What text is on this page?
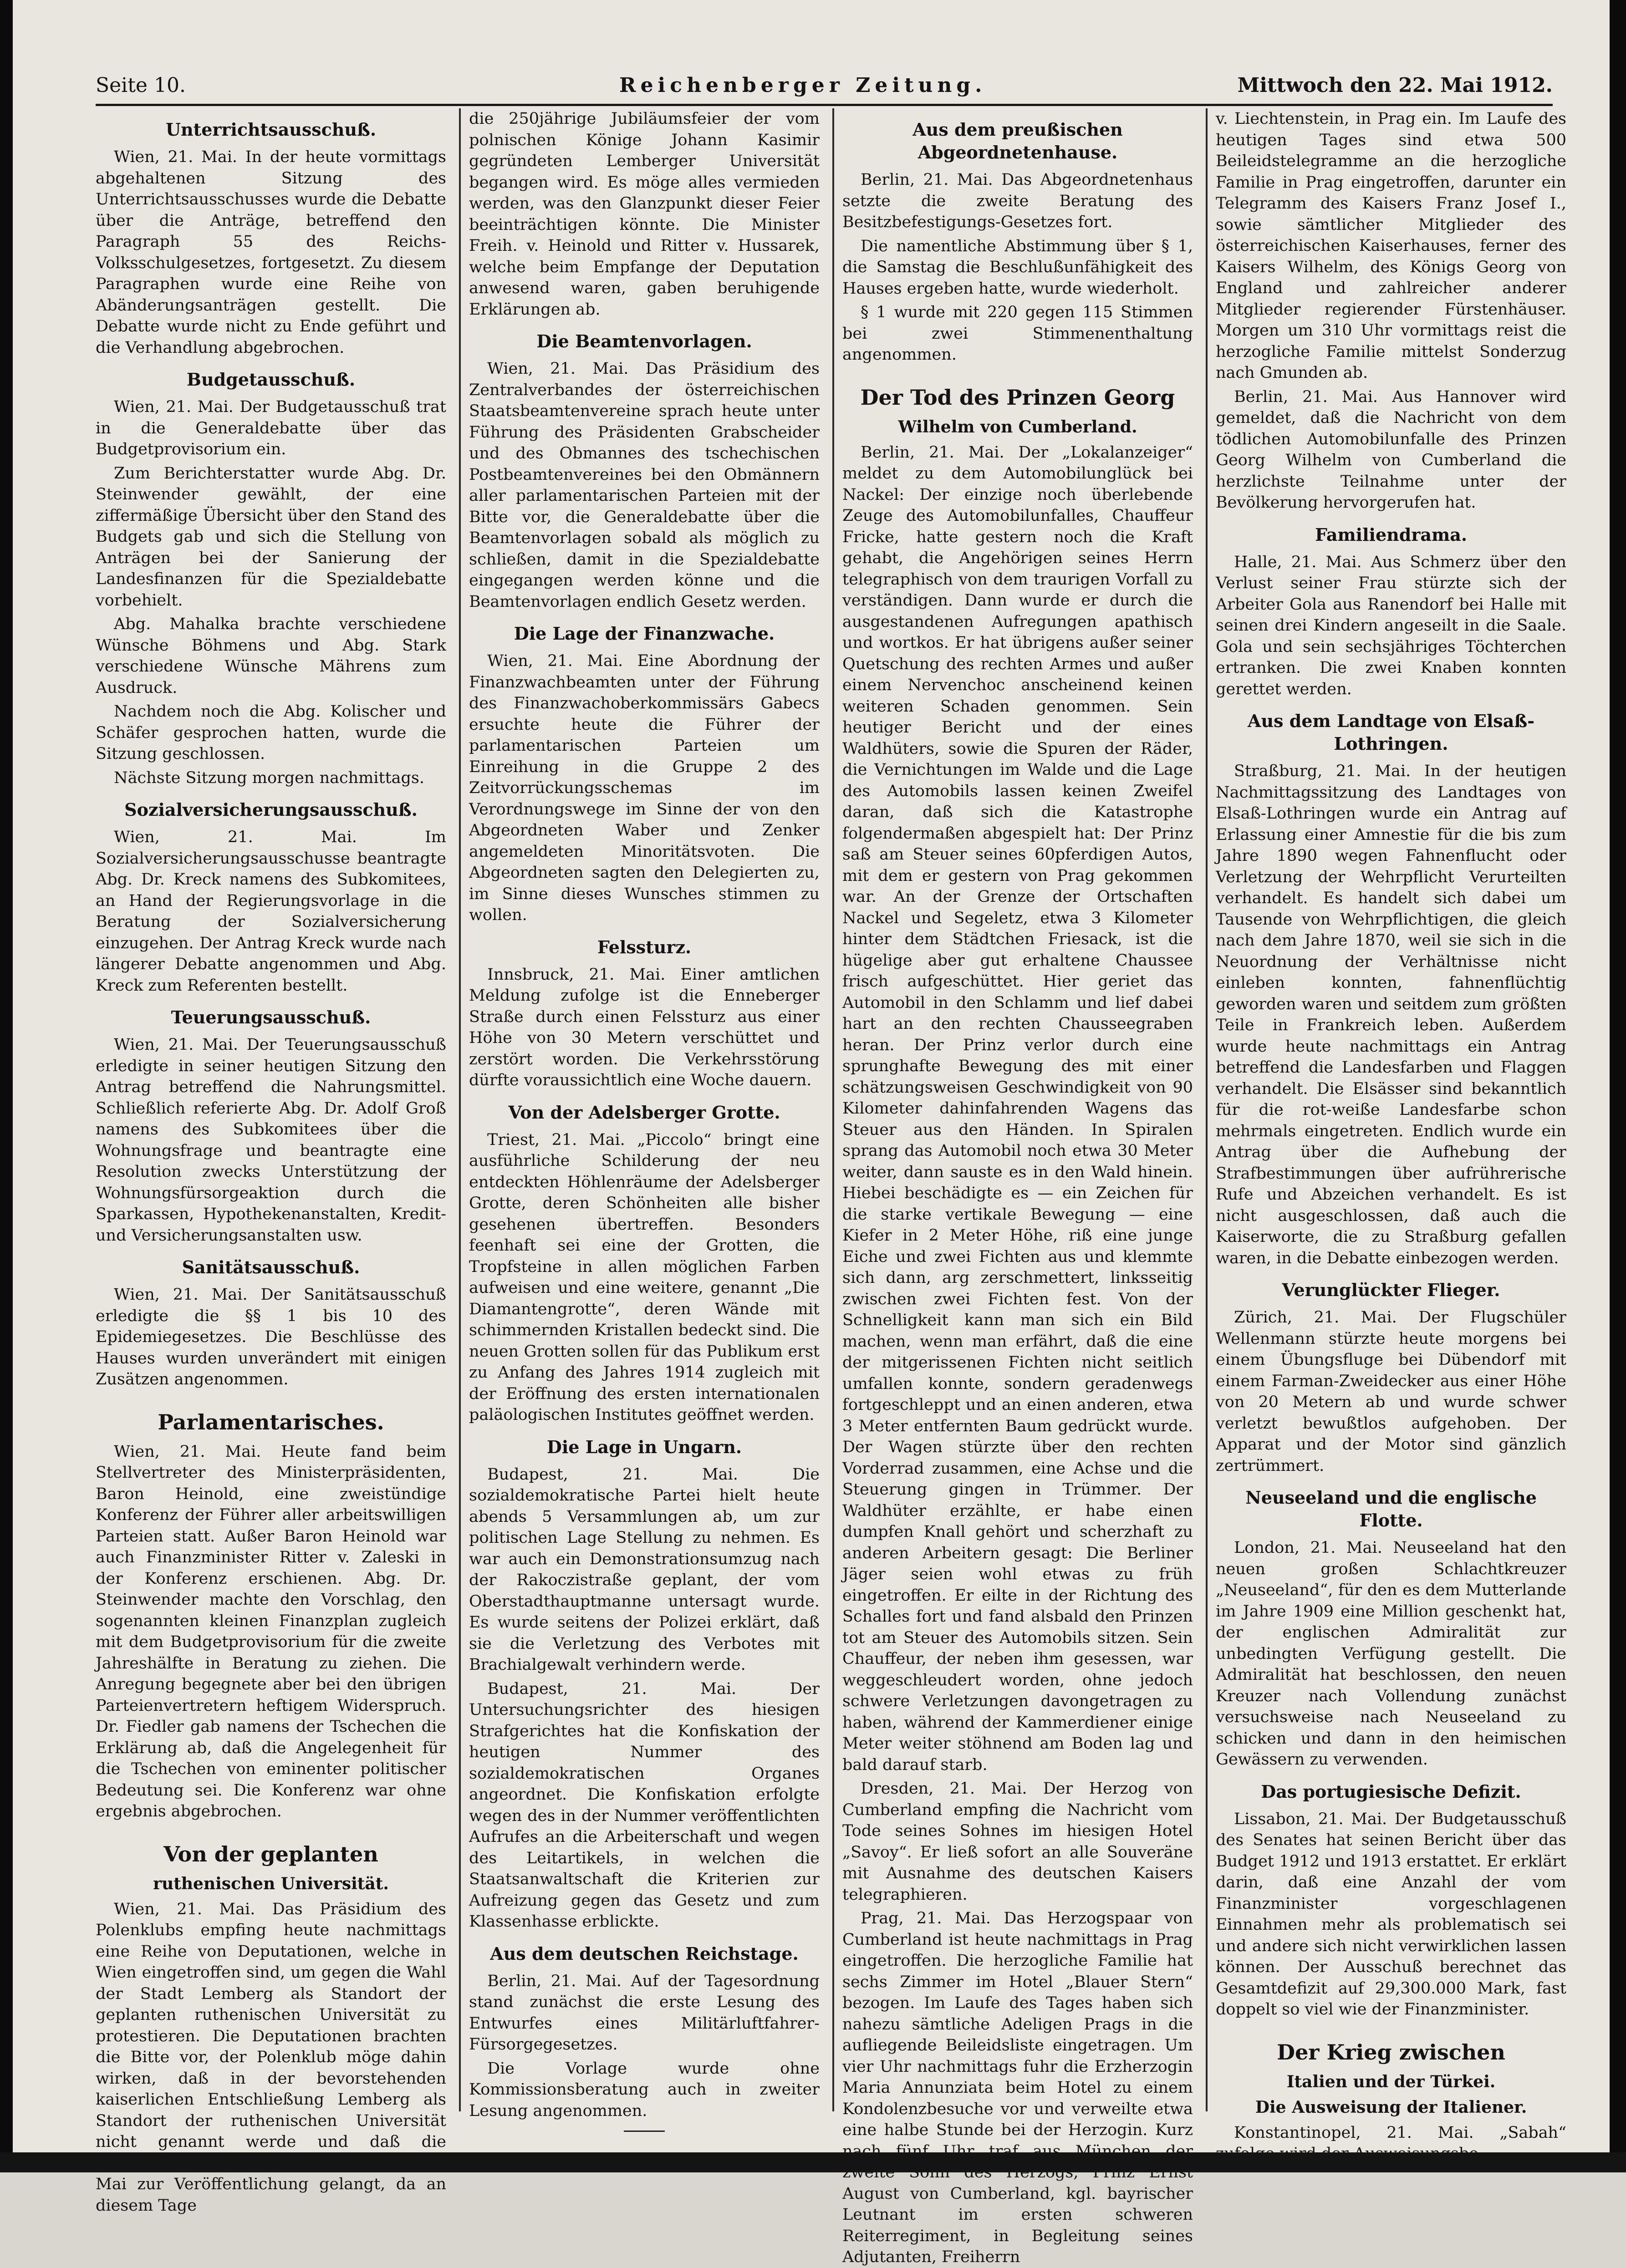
Seite 10.	Reichenberger Zeitung.	Mittwoch den 22. Mai 1912.
Unterrichtsausschuß.

Wien, 21. Mai. In der heute vormittags abgehaltenen Sitzung des Unterrichtsausschusses wurde die Debatte über die Anträge, betreffend den Paragraph 55 des Reichs-Volksschulgesetzes, fortgesetzt. Zu diesem Paragraphen wurde eine Reihe von Abänderungsanträgen gestellt. Die Debatte wurde nicht zu Ende geführt und die Verhandlung abgebrochen.

Budgetausschuß.

Wien, 21. Mai. Der Budgetausschuß trat in die Generaldebatte über das Budgetprovisorium ein.

Zum Berichterstatter wurde Abg. Dr. Steinwender gewählt, der eine ziffermäßige Übersicht über den Stand des Budgets gab und sich die Stellung von Anträgen bei der Sanierung der Landesfinanzen für die Spezialdebatte vorbehielt.

Abg. Mahalka brachte verschiedene Wünsche Böhmens und Abg. Stark verschiedene Wünsche Mährens zum Ausdruck.

Nachdem noch die Abg. Kolischer und Schäfer gesprochen hatten, wurde die Sitzung geschlossen.

Nächste Sitzung morgen nachmittags.

Sozialversicherungsausschuß.

Wien, 21. Mai. Im Sozialversicherungsausschusse beantragte Abg. Dr. Kreck namens des Subkomitees, an Hand der Regierungsvorlage in die Beratung der Sozialversicherung einzugehen. Der Antrag Kreck wurde nach längerer Debatte angenommen und Abg. Kreck zum Referenten bestellt.

Teuerungsausschuß.

Wien, 21. Mai. Der Teuerungsausschuß erledigte in seiner heutigen Sitzung den Antrag betreffend die Nahrungsmittel. Schließlich referierte Abg. Dr. Adolf Groß namens des Subkomitees über die Wohnungsfrage und beantragte eine Resolution zwecks Unterstützung der Wohnungsfürsorgeaktion durch die Sparkassen, Hypothekenanstalten, Kredit- und Versicherungsanstalten usw.

Sanitätsausschuß.

Wien, 21. Mai. Der Sanitätsausschuß erledigte die §§ 1 bis 10 des Epidemiegesetzes. Die Beschlüsse des Hauses wurden unverändert mit einigen Zusätzen angenommen.

Parlamentarisches.

Wien, 21. Mai. Heute fand beim Stellvertreter des Ministerpräsidenten, Baron Heinold, eine zweistündige Konferenz der Führer aller arbeitswilligen Parteien statt. Außer Baron Heinold war auch Finanzminister Ritter v. Zaleski in der Konferenz erschienen. Abg. Dr. Steinwender machte den Vorschlag, den sogenannten kleinen Finanzplan zugleich mit dem Budgetprovisorium für die zweite Jahreshälfte in Beratung zu ziehen. Die Anregung begegnete aber bei den übrigen Parteienvertretern heftigem Widerspruch. Dr. Fiedler gab namens der Tschechen die Erklärung ab, daß die Angelegenheit für die Tschechen von eminenter politischer Bedeutung sei. Die Konferenz war ohne ergebnis abgebrochen.

Von der geplanten
ruthenischen Universität.

Wien, 21. Mai. Das Präsidium des Polenklubs empfing heute nachmittags eine Reihe von Deputationen, welche in Wien eingetroffen sind, um gegen die Wahl der Stadt Lemberg als Standort der geplanten ruthenischen Universität zu protestieren. Die Deputationen brachten die Bitte vor, der Polenklub möge dahin wirken, daß in der bevorstehenden kaiserlichen Entschließung Lemberg als Standort der ruthenischen Universität nicht genannt werde und daß die kaiserliche Verordnung nicht vor dem 29. Mai zur Veröffentlichung gelangt, da an diesem Tage

die 250jährige Jubiläumsfeier der vom polnischen Könige Johann Kasimir gegründeten Lemberger Universität begangen wird. Es möge alles vermieden werden, was den Glanzpunkt dieser Feier beeinträchtigen könnte. Die Minister Freih. v. Heinold und Ritter v. Hussarek, welche beim Empfange der Deputation anwesend waren, gaben beruhigende Erklärungen ab.

Die Beamtenvorlagen.

Wien, 21. Mai. Das Präsidium des Zentralverbandes der österreichischen Staatsbeamtenvereine sprach heute unter Führung des Präsidenten Grabscheider und des Obmannes des tschechischen Postbeamtenvereines bei den Obmännern aller parlamentarischen Parteien mit der Bitte vor, die Generaldebatte über die Beamtenvorlagen sobald als möglich zu schließen, damit in die Spezialdebatte eingegangen werden könne und die Beamtenvorlagen endlich Gesetz werden.

Die Lage der Finanzwache.

Wien, 21. Mai. Eine Abordnung der Finanzwachbeamten unter der Führung des Finanzwachoberkommissärs Gabecs ersuchte heute die Führer der parlamentarischen Parteien um Einreihung in die Gruppe 2 des Zeitvorrückungsschemas im Verordnungswege im Sinne der von den Abgeordneten Waber und Zenker angemeldeten Minoritätsvoten. Die Abgeordneten sagten den Delegierten zu, im Sinne dieses Wunsches stimmen zu wollen.

Felssturz.

Innsbruck, 21. Mai. Einer amtlichen Meldung zufolge ist die Enneberger Straße durch einen Felssturz aus einer Höhe von 30 Metern verschüttet und zerstört worden. Die Verkehrsstörung dürfte voraussichtlich eine Woche dauern.

Von der Adelsberger Grotte.

Triest, 21. Mai. „Piccolo“ bringt eine ausführliche Schilderung der neu entdeckten Höhlenräume der Adelsberger Grotte, deren Schönheiten alle bisher gesehenen übertreffen. Besonders feenhaft sei eine der Grotten, die Tropfsteine in allen möglichen Farben aufweisen und eine weitere, genannt „Die Diamantengrotte“, deren Wände mit schimmernden Kristallen bedeckt sind. Die neuen Grotten sollen für das Publikum erst zu Anfang des Jahres 1914 zugleich mit der Eröffnung des ersten internationalen paläologischen Institutes geöffnet werden.

Die Lage in Ungarn.

Budapest, 21. Mai. Die sozialdemokratische Partei hielt heute abends 5 Versammlungen ab, um zur politischen Lage Stellung zu nehmen. Es war auch ein Demonstrationsumzug nach der Rakoczistraße geplant, der vom Oberstadthauptmanne untersagt wurde. Es wurde seitens der Polizei erklärt, daß sie die Verletzung des Verbotes mit Brachialgewalt verhindern werde.

Budapest, 21. Mai. Der Untersuchungsrichter des hiesigen Strafgerichtes hat die Konfiskation der heutigen Nummer des sozialdemokratischen Organes angeordnet. Die Konfiskation erfolgte wegen des in der Nummer veröffentlichten Aufrufes an die Arbeiterschaft und wegen des Leitartikels, in welchen die Staatsanwaltschaft die Kriterien zur Aufreizung gegen das Gesetz und zum Klassenhasse erblickte.

Aus dem deutschen Reichstage.

Berlin, 21. Mai. Auf der Tagesordnung stand zunächst die erste Lesung des Entwurfes eines Militärluftfahrer-Fürsorgegesetzes.

Die Vorlage wurde ohne Kommissionsberatung auch in zweiter Lesung angenommen.

Aus dem preußischen Abgeordnetenhause.

Berlin, 21. Mai. Das Abgeordnetenhaus setzte die zweite Beratung des Besitzbefestigungs-Gesetzes fort.

Die namentliche Abstimmung über § 1, die Samstag die Beschlußunfähigkeit des Hauses ergeben hatte, wurde wiederholt.

§ 1 wurde mit 220 gegen 115 Stimmen bei zwei Stimmenenthaltung angenommen.

Der Tod des Prinzen Georg
Wilhelm von Cumberland.

Berlin, 21. Mai. Der „Lokalanzeiger“ meldet zu dem Automobilunglück bei Nackel: Der einzige noch überlebende Zeuge des Automobilunfalles, Chauffeur Fricke, hatte gestern noch die Kraft gehabt, die Angehörigen seines Herrn telegraphisch von dem traurigen Vorfall zu verständigen. Dann wurde er durch die ausgestandenen Aufregungen apathisch und wortkos. Er hat übrigens außer seiner Quetschung des rechten Armes und außer einem Nervenchoc anscheinend keinen weiteren Schaden genommen. Sein heutiger Bericht und der eines Waldhüters, sowie die Spuren der Räder, die Vernichtungen im Walde und die Lage des Automobils lassen keinen Zweifel daran, daß sich die Katastrophe folgendermaßen abgespielt hat: Der Prinz saß am Steuer seines 60pferdigen Autos, mit dem er gestern von Prag gekommen war. An der Grenze der Ortschaften Nackel und Segeletz, etwa 3 Kilometer hinter dem Städtchen Friesack, ist die hügelige aber gut erhaltene Chaussee frisch aufgeschüttet. Hier geriet das Automobil in den Schlamm und lief dabei hart an den rechten Chausseegraben heran. Der Prinz verlor durch eine sprunghafte Bewegung des mit einer schätzungsweisen Geschwindigkeit von 90 Kilometer dahinfahrenden Wagens das Steuer aus den Händen. In Spiralen sprang das Automobil noch etwa 30 Meter weiter, dann sauste es in den Wald hinein. Hiebei beschädigte es — ein Zeichen für die starke vertikale Bewegung — eine Kiefer in 2 Meter Höhe, riß eine junge Eiche und zwei Fichten aus und klemmte sich dann, arg zerschmettert, linksseitig zwischen zwei Fichten fest. Von der Schnelligkeit kann man sich ein Bild machen, wenn man erfährt, daß die eine der mitgerissenen Fichten nicht seitlich umfallen konnte, sondern geradenwegs fortgeschleppt und an einen anderen, etwa 3 Meter entfernten Baum gedrückt wurde. Der Wagen stürzte über den rechten Vorderrad zusammen, eine Achse und die Steuerung gingen in Trümmer. Der Waldhüter erzählte, er habe einen dumpfen Knall gehört und scherzhaft zu anderen Arbeitern gesagt: Die Berliner Jäger seien wohl etwas zu früh eingetroffen. Er eilte in der Richtung des Schalles fort und fand alsbald den Prinzen tot am Steuer des Automobils sitzen. Sein Chauffeur, der neben ihm gesessen, war weggeschleudert worden, ohne jedoch schwere Verletzungen davongetragen zu haben, während der Kammerdiener einige Meter weiter stöhnend am Boden lag und bald darauf starb.

Dresden, 21. Mai. Der Herzog von Cumberland empfing die Nachricht vom Tode seines Sohnes im hiesigen Hotel „Savoy“. Er ließ sofort an alle Souveräne mit Ausnahme des deutschen Kaisers telegraphieren.

Prag, 21. Mai. Das Herzogspaar von Cumberland ist heute nachmittags in Prag eingetroffen. Die herzogliche Familie hat sechs Zimmer im Hotel „Blauer Stern“ bezogen. Im Laufe des Tages haben sich nahezu sämtliche Adeligen Prags in die aufliegende Beileidsliste eingetragen. Um vier Uhr nachmittags fuhr die Erzherzogin Maria Annunziata beim Hotel zu einem Kondolenzbesuche vor und verweilte etwa eine halbe Stunde bei der Herzogin. Kurz nach fünf Uhr traf aus München der zweite Sohn des Herzogs, Prinz Ernst August von Cumberland, kgl. bayrischer Leutnant im ersten schweren Reiterregiment, in Begleitung seines Adjutanten, Freiherrn

v. Liechtenstein, in Prag ein. Im Laufe des heutigen Tages sind etwa 500 Beileidstelegramme an die herzogliche Familie in Prag eingetroffen, darunter ein Telegramm des Kaisers Franz Josef I., sowie sämtlicher Mitglieder des österreichischen Kaiserhauses, ferner des Kaisers Wilhelm, des Königs Georg von England und zahlreicher anderer Mitglieder regierender Fürstenhäuser. Morgen um 310 Uhr vormittags reist die herzogliche Familie mittelst Sonderzug nach Gmunden ab.

Berlin, 21. Mai. Aus Hannover wird gemeldet, daß die Nachricht von dem tödlichen Automobilunfalle des Prinzen Georg Wilhelm von Cumberland die herzlichste Teilnahme unter der Bevölkerung hervorgerufen hat.

Familiendrama.

Halle, 21. Mai. Aus Schmerz über den Verlust seiner Frau stürzte sich der Arbeiter Gola aus Ranendorf bei Halle mit seinen drei Kindern angeseilt in die Saale. Gola und sein sechsjähriges Töchterchen ertranken. Die zwei Knaben konnten gerettet werden.

Aus dem Landtage von Elsaß-Lothringen.

Straßburg, 21. Mai. In der heutigen Nachmittagssitzung des Landtages von Elsaß-Lothringen wurde ein Antrag auf Erlassung einer Amnestie für die bis zum Jahre 1890 wegen Fahnenflucht oder Verletzung der Wehrpflicht Verurteilten verhandelt. Es handelt sich dabei um Tausende von Wehrpflichtigen, die gleich nach dem Jahre 1870, weil sie sich in die Neuordnung der Verhältnisse nicht einleben konnten, fahnenflüchtig geworden waren und seitdem zum größten Teile in Frankreich leben. Außerdem wurde heute nachmittags ein Antrag betreffend die Landesfarben und Flaggen verhandelt. Die Elsässer sind bekanntlich für die rot-weiße Landesfarbe schon mehrmals eingetreten. Endlich wurde ein Antrag über die Aufhebung der Strafbestimmungen über aufrührerische Rufe und Abzeichen verhandelt. Es ist nicht ausgeschlossen, daß auch die Kaiserworte, die zu Straßburg gefallen waren, in die Debatte einbezogen werden.

Verunglückter Flieger.

Zürich, 21. Mai. Der Flugschüler Wellenmann stürzte heute morgens bei einem Übungsfluge bei Dübendorf mit einem Farman-Zweidecker aus einer Höhe von 20 Metern ab und wurde schwer verletzt bewußtlos aufgehoben. Der Apparat und der Motor sind gänzlich zertrümmert.

Neuseeland und die englische Flotte.

London, 21. Mai. Neuseeland hat den neuen großen Schlachtkreuzer „Neuseeland“, für den es dem Mutterlande im Jahre 1909 eine Million geschenkt hat, der englischen Admiralität zur unbedingten Verfügung gestellt. Die Admiralität hat beschlossen, den neuen Kreuzer nach Vollendung zunächst versuchsweise nach Neuseeland zu schicken und dann in den heimischen Gewässern zu verwenden.

Das portugiesische Defizit.

Lissabon, 21. Mai. Der Budgetausschuß des Senates hat seinen Bericht über das Budget 1912 und 1913 erstattet. Er erklärt darin, daß eine Anzahl der vom Finanzminister vorgeschlagenen Einnahmen mehr als problematisch sei und andere sich nicht verwirklichen lassen können. Der Ausschuß berechnet das Gesamtdefizit auf 29,300.000 Mark, fast doppelt so viel wie der Finanzminister.

Der Krieg zwischen
Italien und der Türkei.
Die Ausweisung der Italiener.

Konstantinopel, 21. Mai. „Sabah“ zufolge wird der Ausweisungsbe-
